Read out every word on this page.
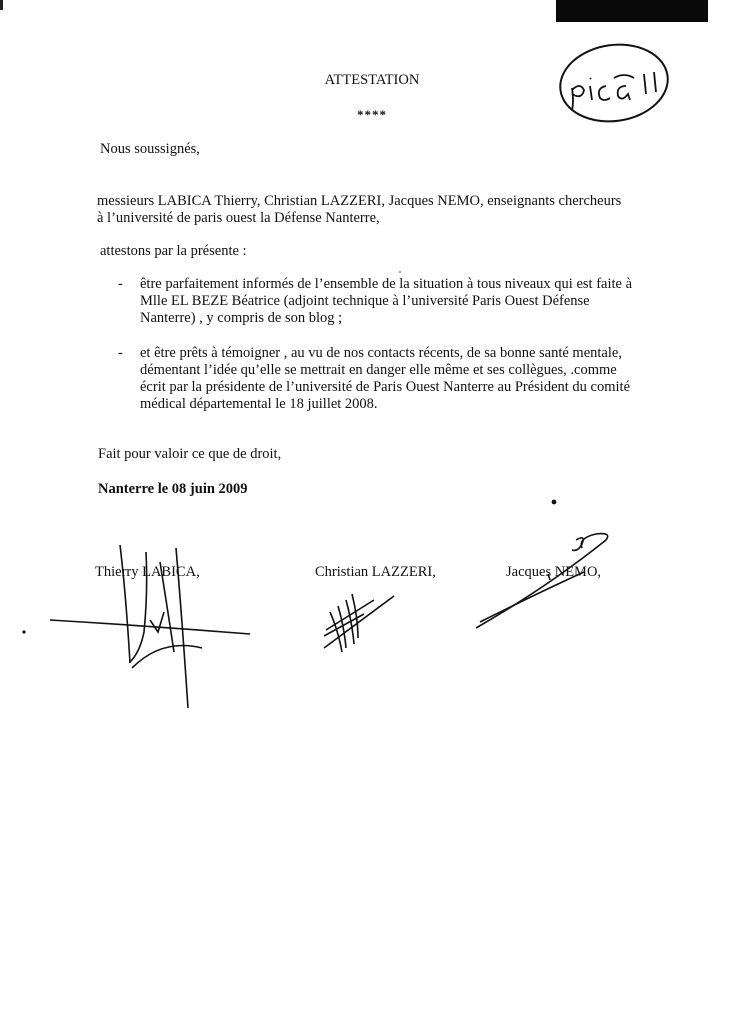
ATTESTATION
****
Nous soussignés,
messieurs LABICA Thierry, Christian LAZZERI, Jacques NEMO, enseignants chercheurs
à l’université de paris ouest la Défense Nanterre,
attestons par la présente :
- être parfaitement informés de l’ensemble de la situation à tous niveaux qui est faite à
Mlle EL BEZE Béatrice (adjoint technique à l’université Paris Ouest Défense
Nanterre) , y compris de son blog ;
- et être prêts à témoigner , au vu de nos contacts récents, de sa bonne santé mentale,
démentant l’idée qu’elle se mettrait en danger elle même et ses collègues, .comme
écrit par la présidente de l’université de Paris Ouest Nanterre au Président du comité
médical départemental le 18 juillet 2008.
Fait pour valoir ce que de droit,
Nanterre le 08 juin 2009
Thierry LABICA,	Christian LAZZERI,	Jacques NEMO,
